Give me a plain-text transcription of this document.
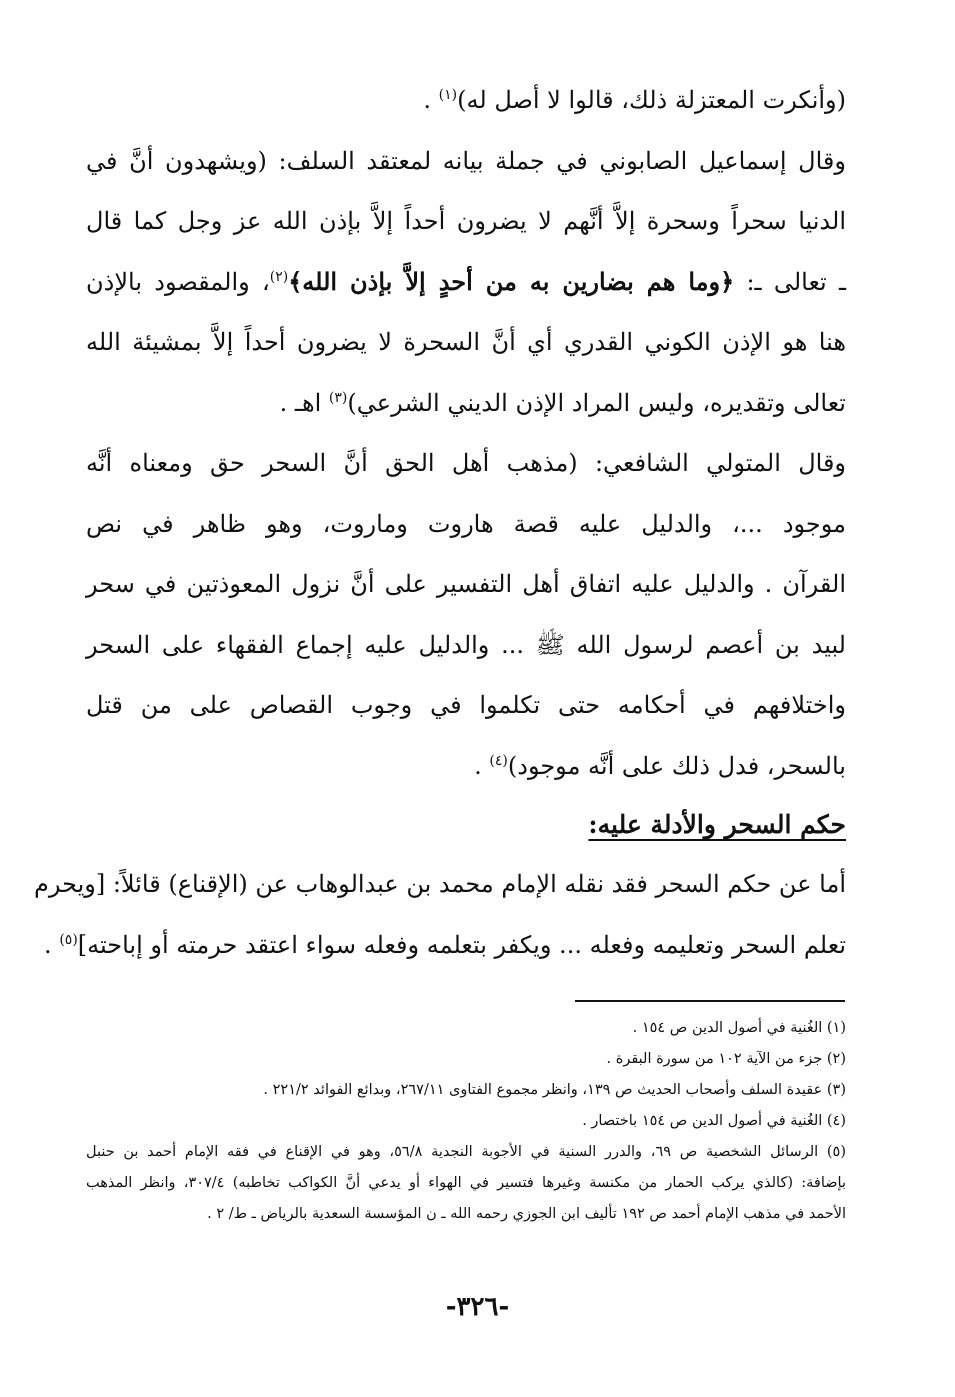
(وأنكرت المعتزلة ذلك، قالوا لا أصل له)$^{(١)}$ .

وقال إسماعيل الصابوني في جملة بيانه لمعتقد السلف: (ويشهدون أنَّ في
الدنيا سحراً وسحرة إلاَّ أنَّهم لا يضرون أحداً إلاَّ بإذن الله عز وجل كما قال
ـ تعالى ـ: ﴿وما هم بضارين به من أحدٍ إلاَّ بإذن الله﴾$^{(٢)}$، والمقصود بالإذن
هنا هو الإذن الكوني القدري أي أنَّ السحرة لا يضرون أحداً إلاَّ بمشيئة الله
تعالى وتقديره، وليس المراد الإذن الديني الشرعي)$^{(٣)}$ اهـ .

وقال المتولي الشافعي: (مذهب أهل الحق أنَّ السحر حق ومعناه أنَّه
موجود ...، والدليل عليه قصة هاروت وماروت، وهو ظاهر في نص
القرآن . والدليل عليه اتفاق أهل التفسير على أنَّ نزول المعوذتين في سحر
لبيد بن أعصم لرسول الله ﷺ ... والدليل عليه إجماع الفقهاء على السحر
واختلافهم في أحكامه حتى تكلموا في وجوب القصاص على من قتل
بالسحر، فدل ذلك على أنَّه موجود)$^{(٤)}$ .

حكم السحر والأدلة عليه:

أما عن حكم السحر فقد نقله الإمام محمد بن عبدالوهاب عن (الإقناع) قائلاً: [ويحرم
تعلم السحر وتعليمه وفعله ... ويكفر بتعلمه وفعله سواء اعتقد حرمته أو إباحته]$^{(٥)}$ .

(١) الغُنية في أصول الدين ص ١٥٤ .
(٢) جزء من الآية ١٠٢ من سورة البقرة .
(٣) عقيدة السلف وأصحاب الحديث ص ١٣٩، وانظر مجموع الفتاوى ٢٦٧/١١، وبدائع الفوائد ٢٢١/٢ .
(٤) الغُنية في أصول الدين ص ١٥٤ باختصار .
(٥) الرسائل الشخصية ص ٦٩، والدرر السنية في الأجوبة النجدية ٥٦/٨، وهو في الإقناع في فقه الإمام أحمد بن حنبل
بإضافة: (كالذي يركب الحمار من مكنسة وغيرها فتسير في الهواء أو يدعي أنَّ الكواكب تخاطبه) ٣٠٧/٤، وانظر المذهب
الأحمد في مذهب الإمام أحمد ص ١٩٢ تأليف ابن الجوزي رحمه الله ـ ن المؤسسة السعدية بالرياض ـ ط/ ٢ .
-٣٢٦-
